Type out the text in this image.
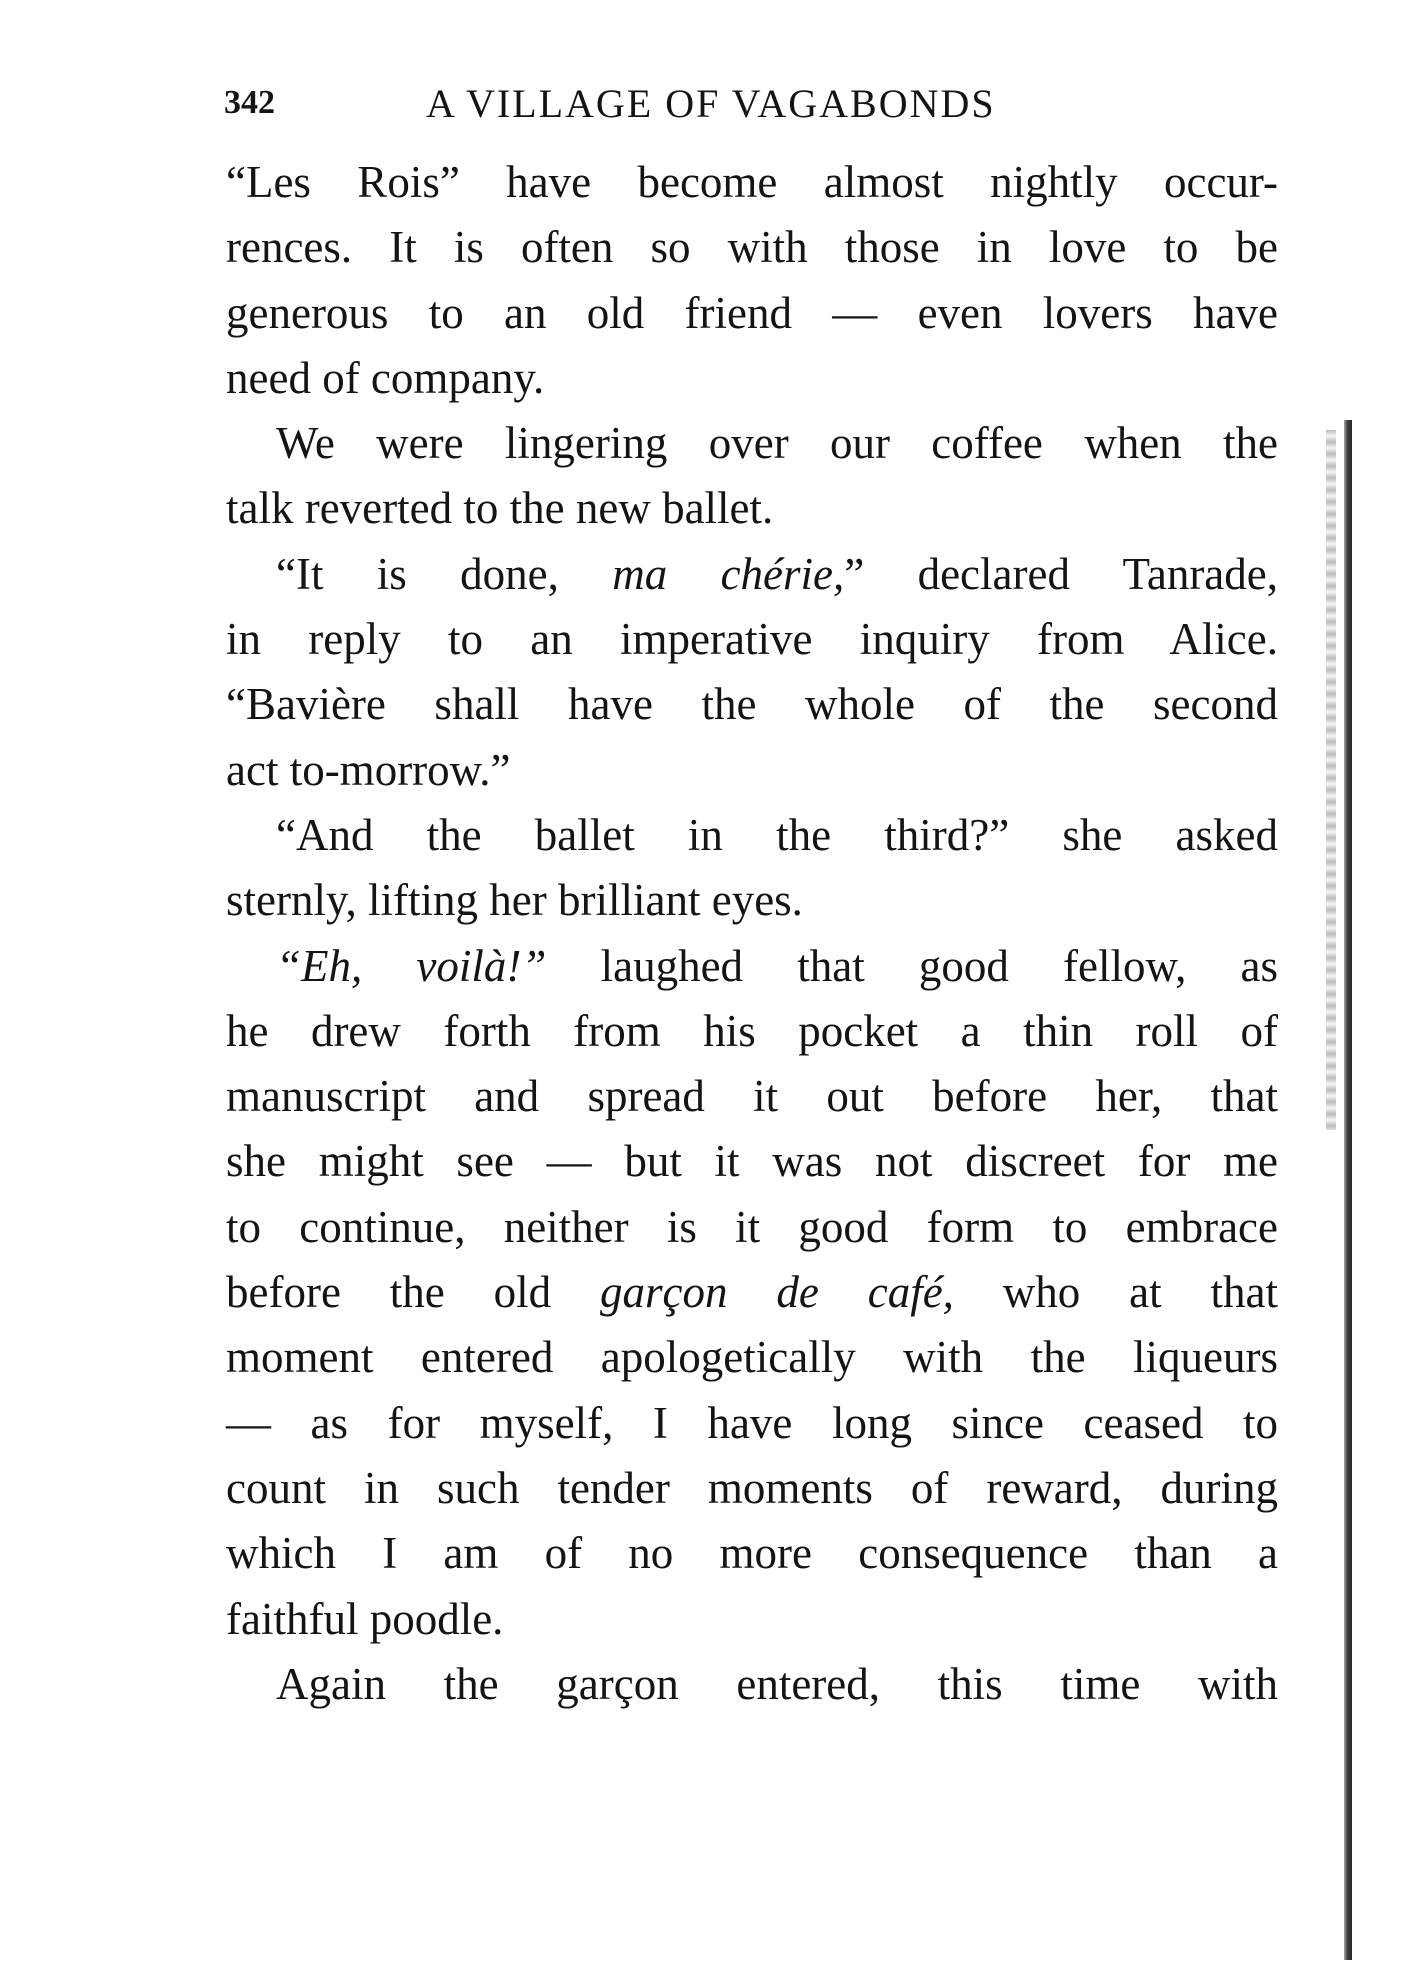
342	A VILLAGE OF VAGABONDS
“Les Rois” have become almost nightly occur-
rences. It is often so with those in love to be
generous to an old friend — even lovers have
need of company.
We were lingering over our coffee when the
talk reverted to the new ballet.
“It is done, ma chérie,” declared Tanrade,
in reply to an imperative inquiry from Alice.
“Bavière shall have the whole of the second
act to-morrow.”
“And the ballet in the third?” she asked
sternly, lifting her brilliant eyes.
“Eh, voilà!” laughed that good fellow, as
he drew forth from his pocket a thin roll of
manuscript and spread it out before her, that
she might see — but it was not discreet for me
to continue, neither is it good form to embrace
before the old garçon de café, who at that
moment entered apologetically with the liqueurs
— as for myself, I have long since ceased to
count in such tender moments of reward, during
which I am of no more consequence than a
faithful poodle.
Again the garçon entered, this time with
